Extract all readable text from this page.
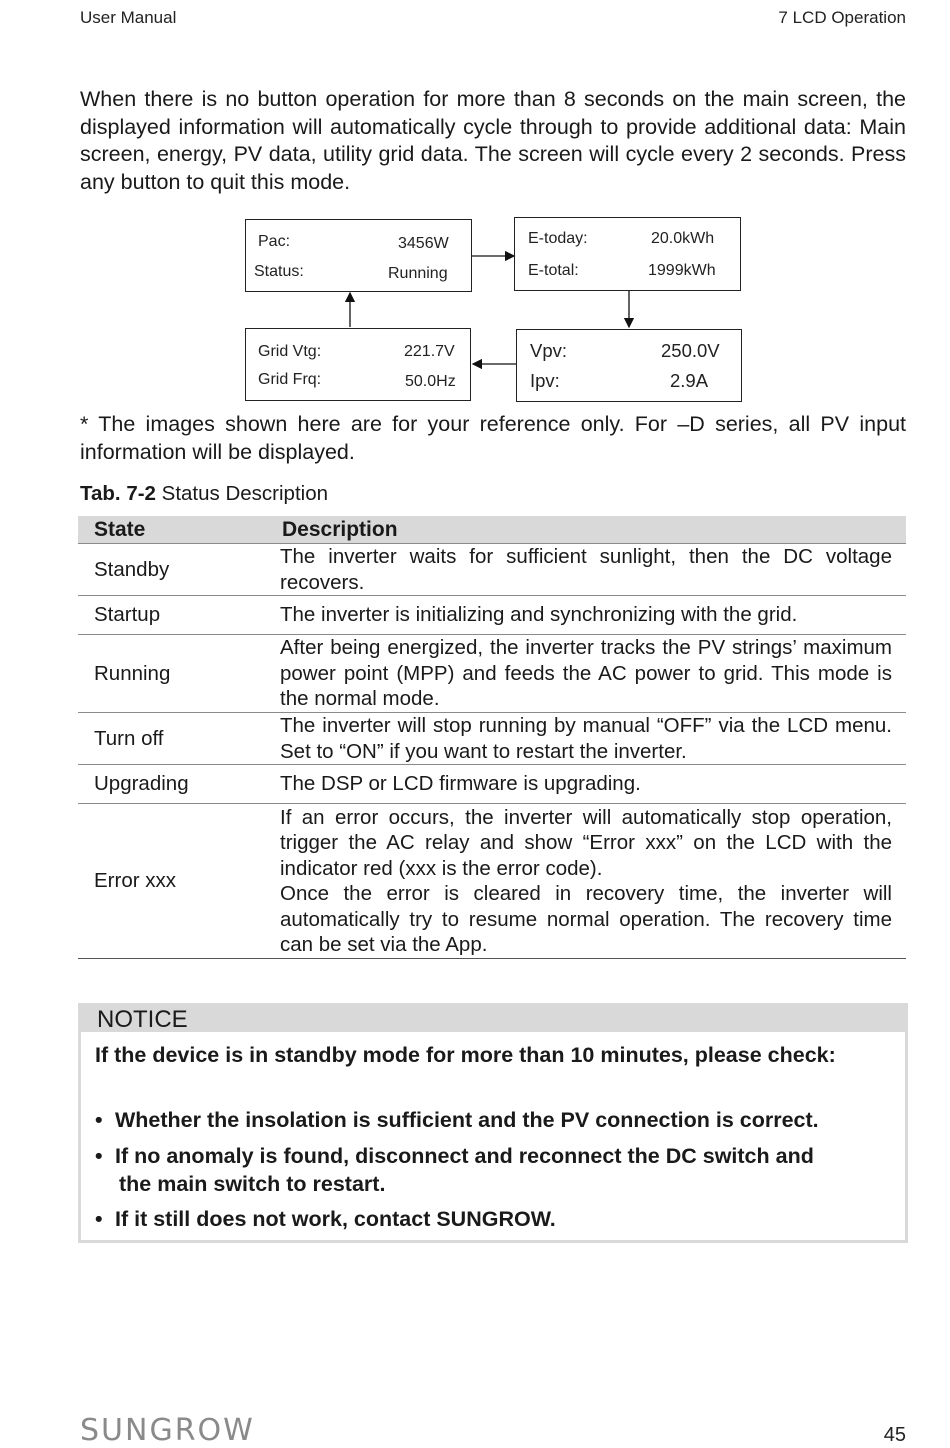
User Manual	7 LCD Operation
When there is no button operation for more than 8 seconds on the main screen, the displayed information will automatically cycle through to provide additional data: Main screen, energy, PV data, utility grid data. The screen will cycle every 2 seconds. Press any button to quit this mode.
Pac:	3456W
Status:	Running
E-today:	20.0kWh
E-total:	1999kWh
Vpv:	250.0V
Ipv:	2.9A
Grid Vtg:	221.7V
Grid Frq:	50.0Hz
* The images shown here are for your reference only. For –D series, all PV input information will be displayed.
Tab. 7-2 Status Description
State	Description
Standby	The inverter waits for sufficient sunlight, then the DC voltage recovers.
Startup	The inverter is initializing and synchronizing with the grid.
Running	After being energized, the inverter tracks the PV strings’ maximum power point (MPP) and feeds the AC power to grid. This mode is the normal mode.
Turn off	The inverter will stop running by manual “OFF” via the LCD menu. Set to “ON” if you want to restart the inverter.
Upgrading	The DSP or LCD firmware is upgrading.
Error xxx	If an error occurs, the inverter will automatically stop operation, trigger the AC relay and show “Error xxx” on the LCD with the indicator red (xxx is the error code).
Once the error is cleared in recovery time, the inverter will automatically try to resume normal operation. The recovery time can be set via the App.
NOTICE
If the device is in standby mode for more than 10 minutes, please check:
• Whether the insolation is sufficient and the PV connection is correct.
• If no anomaly is found, disconnect and reconnect the DC switch and
the main switch to restart.
• If it still does not work, contact SUNGROW.
SUNGROW	45
